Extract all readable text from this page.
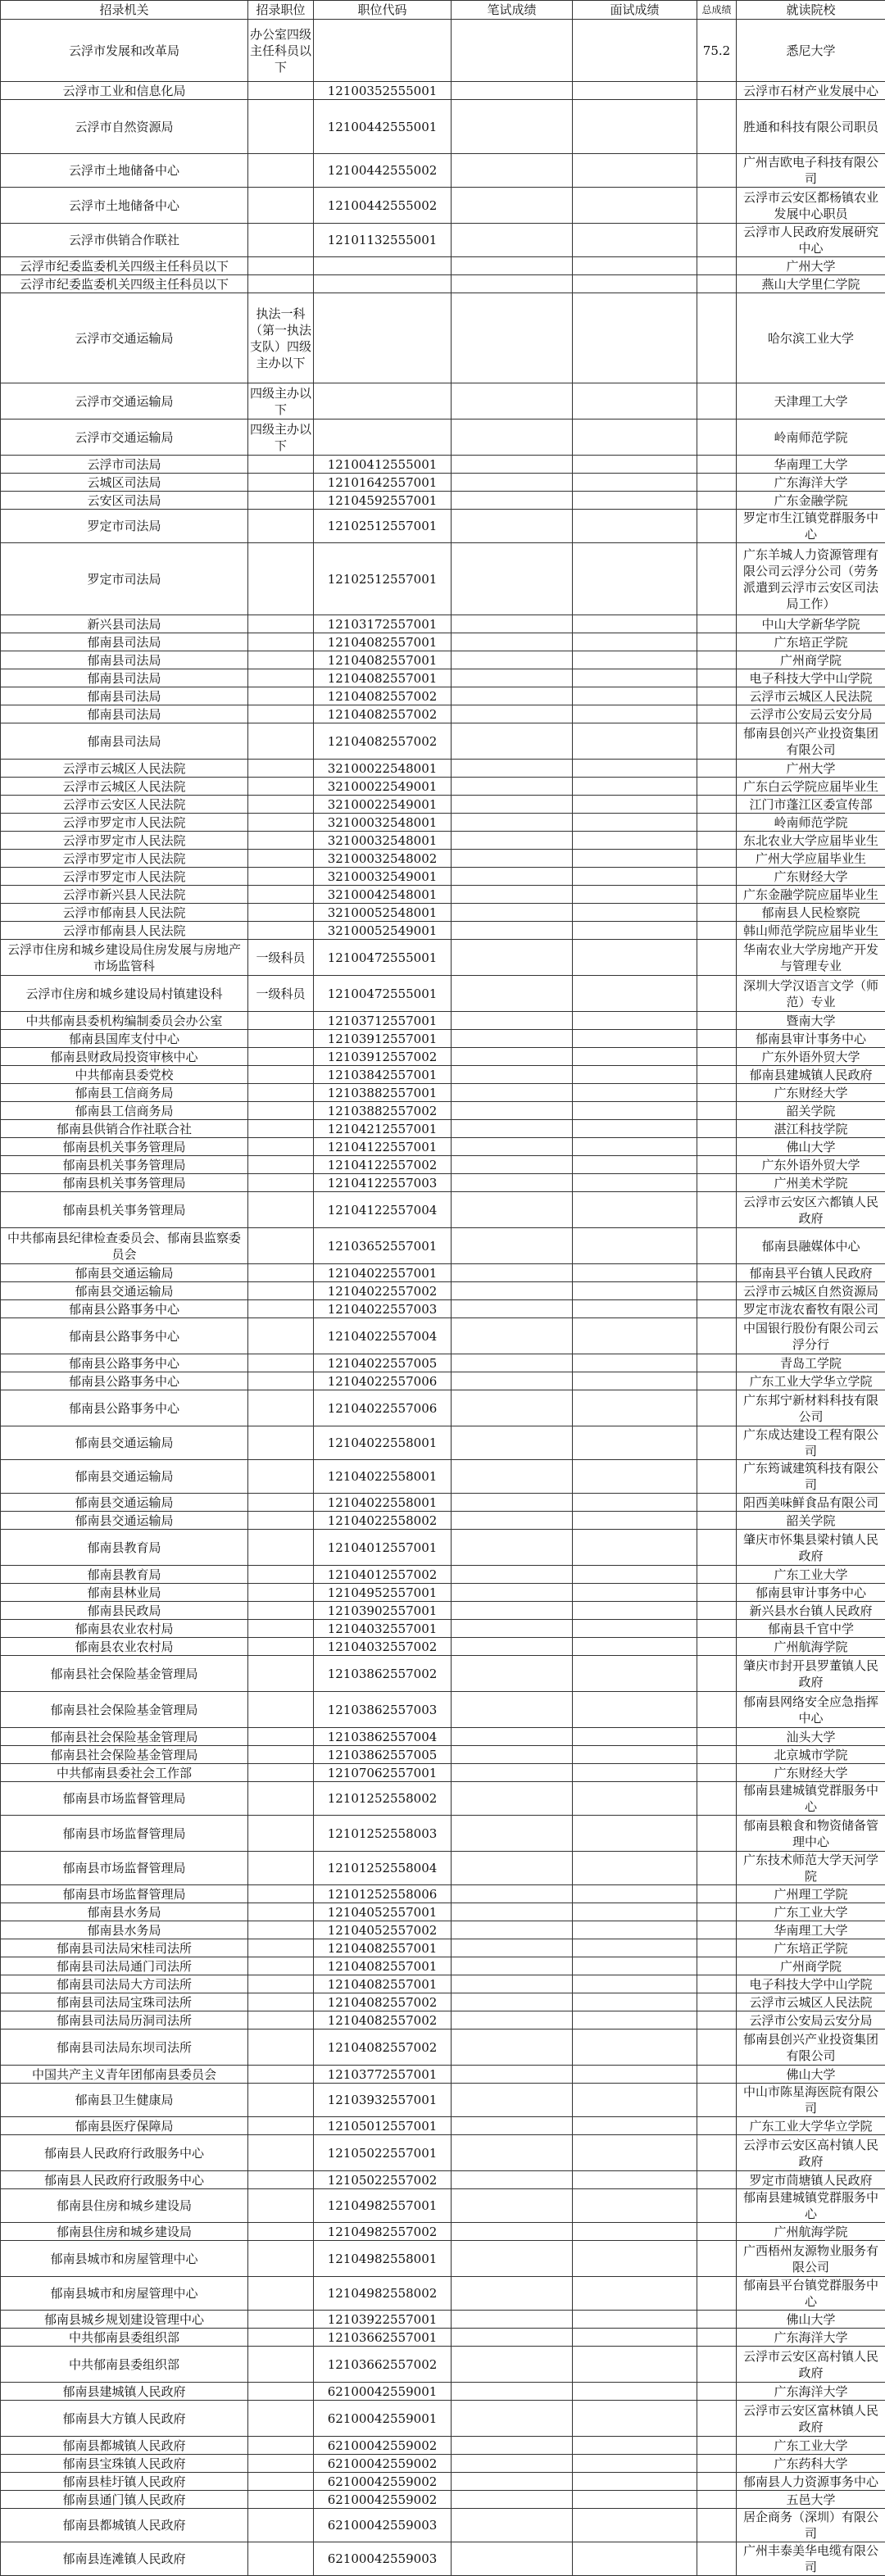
招录机关	招录职位	职位代码	笔试成绩	面试成绩	总成绩	就读院校
云浮市发展和改革局	办公室四级主任科员以下				75.2	悉尼大学
云浮市工业和信息化局		12100352555001				云浮市石材产业发展中心
云浮市自然资源局		12100442555001				胜通和科技有限公司职员
云浮市土地储备中心		12100442555002				广州吉欧电子科技有限公司
云浮市土地储备中心		12100442555002				云浮市云安区都杨镇农业发展中心职员
云浮市供销合作联社		12101132555001				云浮市人民政府发展研究中心
云浮市纪委监委机关四级主任科员以下						广州大学
云浮市纪委监委机关四级主任科员以下						燕山大学里仁学院
云浮市交通运输局	执法一科（第一执法支队）四级主办以下					哈尔滨工业大学
云浮市交通运输局	四级主办以下					天津理工大学
云浮市交通运输局	四级主办以下					岭南师范学院
云浮市司法局		12100412555001				华南理工大学
云城区司法局		12101642557001				广东海洋大学
云安区司法局		12104592557001				广东金融学院
罗定市司法局		12102512557001				罗定市生江镇党群服务中心
罗定市司法局		12102512557001				广东羊城人力资源管理有限公司云浮分公司（劳务派遣到云浮市云安区司法局工作）
新兴县司法局		12103172557001				中山大学新华学院
郁南县司法局		12104082557001				广东培正学院
郁南县司法局		12104082557001				广州商学院
郁南县司法局		12104082557001				电子科技大学中山学院
郁南县司法局		12104082557002				云浮市云城区人民法院
郁南县司法局		12104082557002				云浮市公安局云安分局
郁南县司法局		12104082557002				郁南县创兴产业投资集团有限公司
云浮市云城区人民法院		32100022548001				广州大学
云浮市云城区人民法院		32100022549001				广东白云学院应届毕业生
云浮市云安区人民法院		32100022549001				江门市蓬江区委宣传部
云浮市罗定市人民法院		32100032548001				岭南师范学院
云浮市罗定市人民法院		32100032548001				东北农业大学应届毕业生
云浮市罗定市人民法院		32100032548002				广州大学应届毕业生
云浮市罗定市人民法院		32100032549001				广东财经大学
云浮市新兴县人民法院		32100042548001				广东金融学院应届毕业生
云浮市郁南县人民法院		32100052548001				郁南县人民检察院
云浮市郁南县人民法院		32100052549001				韩山师范学院应届毕业生
云浮市住房和城乡建设局住房发展与房地产市场监管科	一级科员	12100472555001				华南农业大学房地产开发与管理专业
云浮市住房和城乡建设局村镇建设科	一级科员	12100472555001				深圳大学汉语言文学（师范）专业
中共郁南县委机构编制委员会办公室		12103712557001				暨南大学
郁南县国库支付中心		12103912557001				郁南县审计事务中心
郁南县财政局投资审核中心		12103912557002				广东外语外贸大学
中共郁南县委党校		12103842557001				郁南县建城镇人民政府
郁南县工信商务局		12103882557001				广东财经大学
郁南县工信商务局		12103882557002				韶关学院
郁南县供销合作社联合社		12104212557001				湛江科技学院
郁南县机关事务管理局		12104122557001				佛山大学
郁南县机关事务管理局		12104122557002				广东外语外贸大学
郁南县机关事务管理局		12104122557003				广州美术学院
郁南县机关事务管理局		12104122557004				云浮市云安区六都镇人民政府
中共郁南县纪律检查委员会、郁南县监察委员会		12103652557001				郁南县融媒体中心
郁南县交通运输局		12104022557001				郁南县平台镇人民政府
郁南县交通运输局		12104022557002				云浮市云城区自然资源局
郁南县公路事务中心		12104022557003				罗定市泷农畜牧有限公司
郁南县公路事务中心		12104022557004				中国银行股份有限公司云浮分行
郁南县公路事务中心		12104022557005				青岛工学院
郁南县公路事务中心		12104022557006				广东工业大学华立学院
郁南县公路事务中心		12104022557006				广东邦宁新材料科技有限公司
郁南县交通运输局		12104022558001				广东成达建设工程有限公司
郁南县交通运输局		12104022558001				广东筠诚建筑科技有限公司
郁南县交通运输局		12104022558001				阳西美味鲜食品有限公司
郁南县交通运输局		12104022558002				韶关学院
郁南县教育局		12104012557001				肇庆市怀集县梁村镇人民政府
郁南县教育局		12104012557002				广东工业大学
郁南县林业局		12104952557001				郁南县审计事务中心
郁南县民政局		12103902557001				新兴县水台镇人民政府
郁南县农业农村局		12104032557001				郁南县千官中学
郁南县农业农村局		12104032557002				广州航海学院
郁南县社会保险基金管理局		12103862557002				肇庆市封开县罗董镇人民政府
郁南县社会保险基金管理局		12103862557003				郁南县网络安全应急指挥中心
郁南县社会保险基金管理局		12103862557004				汕头大学
郁南县社会保险基金管理局		12103862557005				北京城市学院
中共郁南县委社会工作部		12107062557001				广东财经大学
郁南县市场监督管理局		12101252558002				郁南县建城镇党群服务中心
郁南县市场监督管理局		12101252558003				郁南县粮食和物资储备管理中心
郁南县市场监督管理局		12101252558004				广东技术师范大学天河学院
郁南县市场监督管理局		12101252558006				广州理工学院
郁南县水务局		12104052557001				广东工业大学
郁南县水务局		12104052557002				华南理工大学
郁南县司法局宋桂司法所		12104082557001				广东培正学院
郁南县司法局通门司法所		12104082557001				广州商学院
郁南县司法局大方司法所		12104082557001				电子科技大学中山学院
郁南县司法局宝珠司法所		12104082557002				云浮市云城区人民法院
郁南县司法局历洞司法所		12104082557002				云浮市公安局云安分局
郁南县司法局东坝司法所		12104082557002				郁南县创兴产业投资集团有限公司
中国共产主义青年团郁南县委员会		12103772557001				佛山大学
郁南县卫生健康局		12103932557001				中山市陈星海医院有限公司
郁南县医疗保障局		12105012557001				广东工业大学华立学院
郁南县人民政府行政服务中心		12105022557001				云浮市云安区高村镇人民政府
郁南县人民政府行政服务中心		12105022557002				罗定市茼塘镇人民政府
郁南县住房和城乡建设局		12104982557001				郁南县建城镇党群服务中心
郁南县住房和城乡建设局		12104982557002				广州航海学院
郁南县城市和房屋管理中心		12104982558001				广西梧州友源物业服务有限公司
郁南县城市和房屋管理中心		12104982558002				郁南县平台镇党群服务中心
郁南县城乡规划建设管理中心		12103922557001				佛山大学
中共郁南县委组织部		12103662557001				广东海洋大学
中共郁南县委组织部		12103662557002				云浮市云安区高村镇人民政府
郁南县建城镇人民政府		62100042559001				广东海洋大学
郁南县大方镇人民政府		62100042559001				云浮市云安区富林镇人民政府
郁南县都城镇人民政府		62100042559002				广东工业大学
郁南县宝珠镇人民政府		62100042559002				广东药科大学
郁南县桂圩镇人民政府		62100042559002				郁南县人力资源事务中心
郁南县通门镇人民政府		62100042559002				五邑大学
郁南县都城镇人民政府		62100042559003				居企商务（深圳）有限公司
郁南县连滩镇人民政府		62100042559003				广州丰泰美华电缆有限公司
